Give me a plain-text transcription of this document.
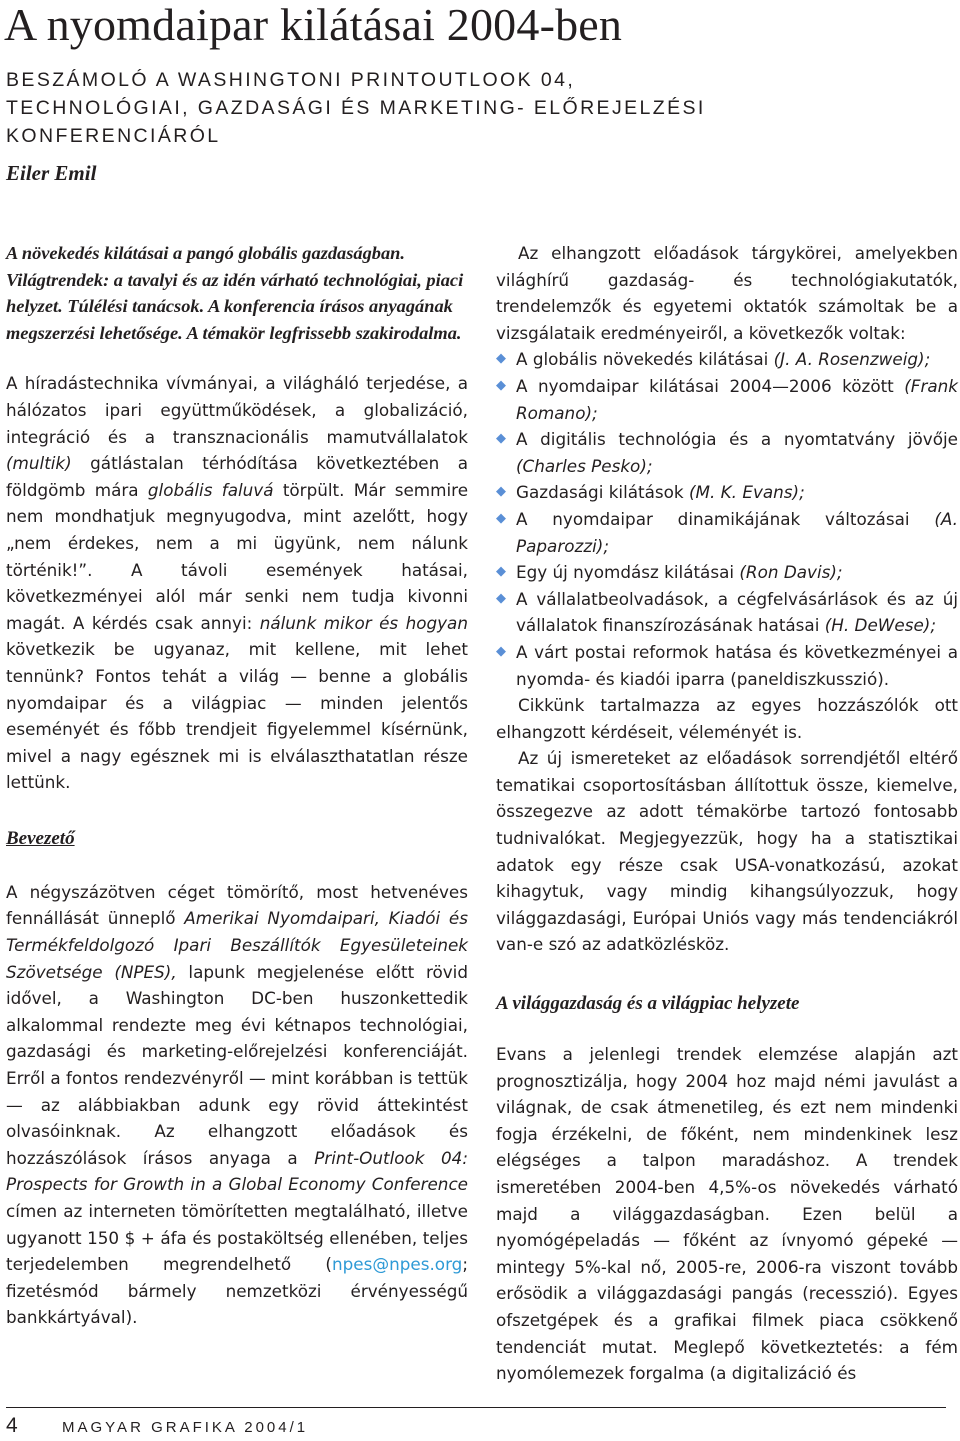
A nyomdaipar kilátásai 2004-ben
BESZÁMOLÓ A WASHINGTONI PRINTOUTLOOK 04, TECHNOLÓGIAI, GAZDASÁGI ÉS MARKETING- ELŐREJELZÉSI KONFERENCIÁRÓL
Eiler Emil

A növekedés kilátásai a pangó globális gazdaságban. Világtrendek: a tavalyi és az idén várható technológiai, piaci helyzet. Túlélési tanácsok. A konferencia írásos anyagának megszerzési lehetősége. A témakör legfrissebb szakirodalma.

A híradástechnika vívmányai, a világháló terjedése, a hálózatos ipari együttműködések, a globalizáció, integráció és a transznacionális mamutvállalatok (multik) gátlástalan térhódítása következtében a földgömb mára globális faluvá törpült. Már semmire nem mondhatjuk megnyugodva, mint azelőtt, hogy „nem érdekes, nem a mi ügyünk, nem nálunk történik!”. A távoli események hatásai, következményei alól már senki nem tudja kivonni magát. A kérdés csak annyi: nálunk mikor és hogyan következik be ugyanaz, mit kellene, mit lehet tennünk? Fontos tehát a világ — benne a globális nyomdaipar és a világpiac — minden jelentős eseményét és főbb trendjeit figyelemmel kísérnünk, mivel a nagy egésznek mi is elválaszthatatlan része lettünk.

Bevezető

A négyszázötven céget tömörítő, most hetvenéves fennállását ünneplő Amerikai Nyomdaipari, Kiadói és Termékfeldolgozó Ipari Beszállítók Egyesületeinek Szövetsége (NPES), lapunk megjelenése előtt rövid idővel, a Washington DC-ben huszonkettedik alkalommal rendezte meg évi kétnapos technológiai, gazdasági és marketing-előrejelzési konferenciáját. Erről a fontos rendezvényről — mint korábban is tettük — az alábbiakban adunk egy rövid áttekintést olvasóinknak. Az elhangzott előadások és hozzászólások írásos anyaga a Print-Outlook 04: Prospects for Growth in a Global Economy Conference címen az interneten tömörítetten megtalálható, illetve ugyanott 150 $ + áfa és postaköltség ellenében, teljes terjedelemben megrendelhető (npes@npes.org; fizetésmód bármely nemzetközi érvényességű bankkártyával).

Az elhangzott előadások tárgykörei, amelyekben világhírű gazdaság- és technológiakutatók, trendelemzők és egyetemi oktatók számoltak be a vizsgálataik eredményeiről, a következők voltak:

◆ A globális növekedés kilátásai (J. A. Rosenzweig);
◆ A nyomdaipar kilátásai 2004—2006 között (Frank Romano);
◆ A digitális technológia és a nyomtatvány jövője (Charles Pesko);
◆ Gazdasági kilátások (M. K. Evans);
◆ A nyomdaipar dinamikájának változásai (A. Paparozzi);
◆ Egy új nyomdász kilátásai (Ron Davis);
◆ A vállalatbeolvadások, a cégfelvásárlások és az új vállalatok finanszírozásának hatásai (H. DeWese);
◆ A várt postai reformok hatása és következményei a nyomda- és kiadói iparra (paneldiszkusszió).

Cikkünk tartalmazza az egyes hozzászólók ott elhangzott kérdéseit, véleményét is.

Az új ismereteket az előadások sorrendjétől eltérő tematikai csoportosításban állítottuk össze, kiemelve, összegezve az adott témakörbe tartozó fontosabb tudnivalókat. Megjegyezzük, hogy ha a statisztikai adatok egy része csak USA-vonatkozású, azokat kihagytuk, vagy mindig kihangsúlyozzuk, hogy világgazdasági, Európai Uniós vagy más tendenciákról van-e szó az adatközlésköz.

A világgazdaság és a világpiac helyzete

Evans a jelenlegi trendek elemzése alapján azt prognosztizálja, hogy 2004 hoz majd némi javulást a világnak, de csak átmenetileg, és ezt nem mindenki fogja érzékelni, de főként, nem mindenkinek lesz elégséges a talpon maradáshoz. A trendek ismeretében 2004-ben 4,5%-os növekedés várható majd a világgazdaságban. Ezen belül a nyomógépeladás — főként az ívnyomó gépeké — mintegy 5%-kal nő, 2005-re, 2006-ra viszont tovább erősödik a világgazdasági pangás (recesszió). Egyes ofszetgépek és a grafikai filmek piaca csökkenő tendenciát mutat. Meglepő következtetés: a fém nyomólemezek forgalma (a digitalizáció és

4	MAGYAR GRAFIKA 2004/1
